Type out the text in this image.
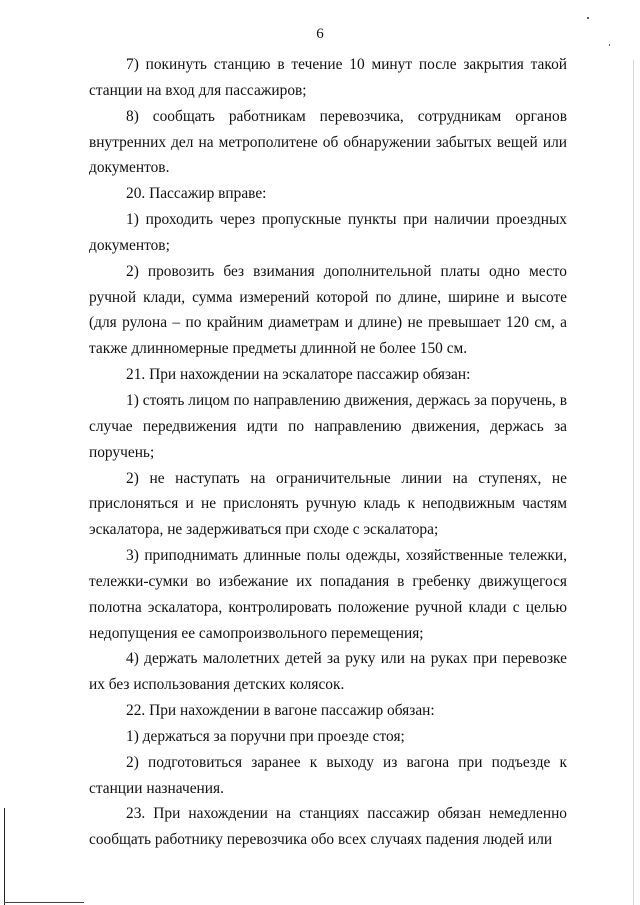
6

7) покинуть станцию в течение 10 минут после закрытия такой станции на вход для пассажиров;

8) сообщать работникам перевозчика, сотрудникам органов внутренних дел на метрополитене об обнаружении забытых вещей или документов.

20. Пассажир вправе:

1) проходить через пропускные пункты при наличии проездных документов;

2) провозить без взимания дополнительной платы одно место ручной клади, сумма измерений которой по длине, ширине и высоте (для рулона – по крайним диаметрам и длине) не превышает 120 см, а также длинномерные предметы длинной не более 150 см.

21. При нахождении на эскалаторе пассажир обязан:

1) стоять лицом по направлению движения, держась за поручень, в случае передвижения идти по направлению движения, держась за поручень;

2) не наступать на ограничительные линии на ступенях, не прислоняться и не прислонять ручную кладь к неподвижным частям эскалатора, не задерживаться при сходе с эскалатора;

3) приподнимать длинные полы одежды, хозяйственные тележки, тележки-сумки во избежание их попадания в гребенку движущегося полотна эскалатора, контролировать положение ручной клади с целью недопущения ее самопроизвольного перемещения;

4) держать малолетних детей за руку или на руках при перевозке их без использования детских колясок.

22. При нахождении в вагоне пассажир обязан:

1) держаться за поручни при проезде стоя;

2) подготовиться заранее к выходу из вагона при подъезде к станции назначения.

23. При нахождении на станциях пассажир обязан немедленно сообщать работнику перевозчика обо всех случаях падения людей или
